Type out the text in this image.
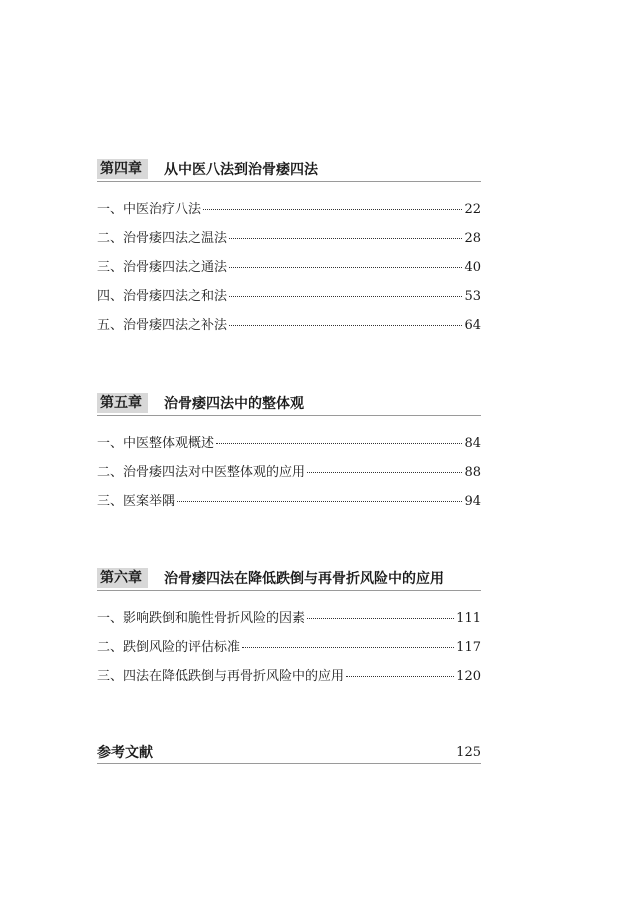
第四章	从中医八法到治骨痿四法
一、中医治疗八法	22
二、治骨痿四法之温法	28
三、治骨痿四法之通法	40
四、治骨痿四法之和法	53
五、治骨痿四法之补法	64
第五章	治骨痿四法中的整体观
一、中医整体观概述	84
二、治骨痿四法对中医整体观的应用	88
三、医案举隅	94
第六章	治骨痿四法在降低跌倒与再骨折风险中的应用
一、影响跌倒和脆性骨折风险的因素	111
二、跌倒风险的评估标准	117
三、四法在降低跌倒与再骨折风险中的应用	120
参考文献	125
